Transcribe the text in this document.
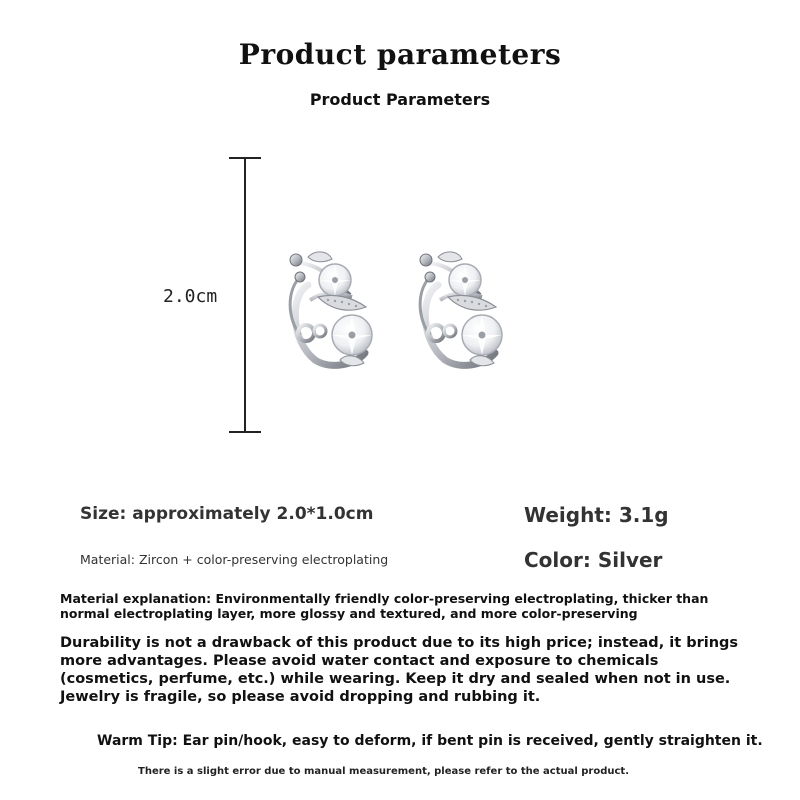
Product parameters
Product Parameters
2.0cm
Size: approximately 2.0*1.0cm	Weight: 3.1g
Material: Zircon + color-preserving electroplating	Color: Silver
Material explanation: Environmentally friendly color-preserving electroplating, thicker than normal electroplating layer, more glossy and textured, and more color-preserving
Durability is not a drawback of this product due to its high price; instead, it brings more advantages. Please avoid water contact and exposure to chemicals (cosmetics, perfume, etc.) while wearing. Keep it dry and sealed when not in use. Jewelry is fragile, so please avoid dropping and rubbing it.
Warm Tip: Ear pin/hook, easy to deform, if bent pin is received, gently straighten it.
There is a slight error due to manual measurement, please refer to the actual product.
